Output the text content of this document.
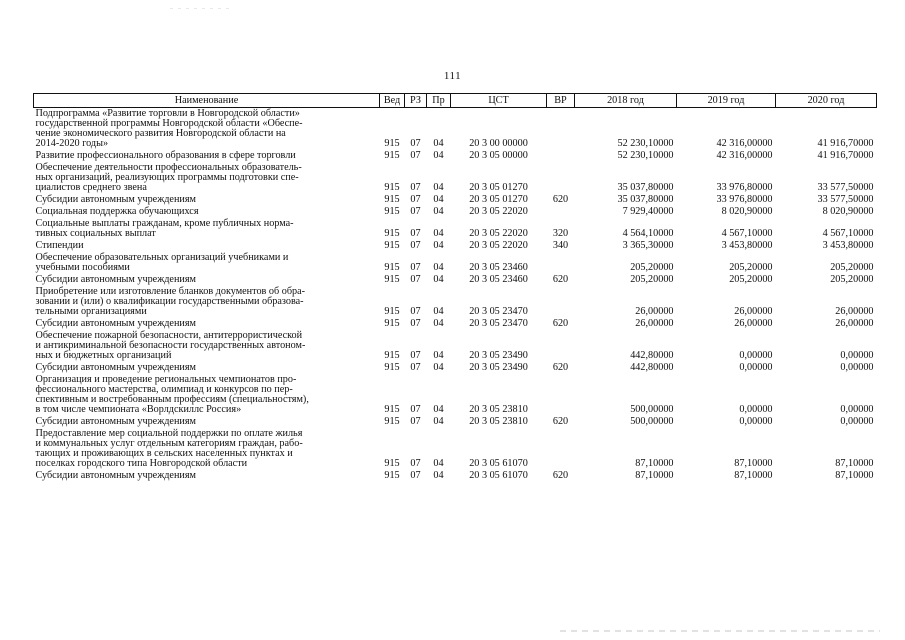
111
Наименование	Вед	РЗ	Пр	ЦСТ	ВР	2018 год	2019 год	2020 год
Подпрограмма «Развитие торговли в Новгородской области»
государственной программы Новгородской области «Обеспе-
чение экономического развития Новгородской области на
2014-2020 годы»	915	07	04	20 3 00 00000		52 230,10000	42 316,00000	41 916,70000
Развитие профессионального образования в сфере торговли	915	07	04	20 3 05 00000		52 230,10000	42 316,00000	41 916,70000
Обеспечение деятельности профессиональных образователь-
ных организаций, реализующих программы подготовки спе-
циалистов среднего звена	915	07	04	20 3 05 01270		35 037,80000	33 976,80000	33 577,50000
Субсидии автономным учреждениям	915	07	04	20 3 05 01270	620	35 037,80000	33 976,80000	33 577,50000
Социальная поддержка обучающихся	915	07	04	20 3 05 22020		7 929,40000	8 020,90000	8 020,90000
Социальные выплаты гражданам, кроме публичных норма-
тивных социальных выплат	915	07	04	20 3 05 22020	320	4 564,10000	4 567,10000	4 567,10000
Стипендии	915	07	04	20 3 05 22020	340	3 365,30000	3 453,80000	3 453,80000
Обеспечение образовательных организаций учебниками и
учебными пособиями	915	07	04	20 3 05 23460		205,20000	205,20000	205,20000
Субсидии автономным учреждениям	915	07	04	20 3 05 23460	620	205,20000	205,20000	205,20000
Приобретение или изготовление бланков документов об обра-
зовании и (или) о квалификации государственными образова-
тельными организациями	915	07	04	20 3 05 23470		26,00000	26,00000	26,00000
Субсидии автономным учреждениям	915	07	04	20 3 05 23470	620	26,00000	26,00000	26,00000
Обеспечение пожарной безопасности, антитеррористической
и антикриминальной безопасности государственных автоном-
ных и бюджетных организаций	915	07	04	20 3 05 23490		442,80000	0,00000	0,00000
Субсидии автономным учреждениям	915	07	04	20 3 05 23490	620	442,80000	0,00000	0,00000
Организация и проведение региональных чемпионатов про-
фессионального мастерства, олимпиад и конкурсов по пер-
спективным и востребованным профессиям (специальностям),
в том числе чемпионата «Ворлдскиллс Россия»	915	07	04	20 3 05 23810		500,00000	0,00000	0,00000
Субсидии автономным учреждениям	915	07	04	20 3 05 23810	620	500,00000	0,00000	0,00000
Предоставление мер социальной поддержки по оплате жилья
и коммунальных услуг отдельным категориям граждан, рабо-
тающих и проживающих в сельских населенных пунктах и
поселках городского типа Новгородской области	915	07	04	20 3 05 61070		87,10000	87,10000	87,10000
Субсидии автономным учреждениям	915	07	04	20 3 05 61070	620	87,10000	87,10000	87,10000
